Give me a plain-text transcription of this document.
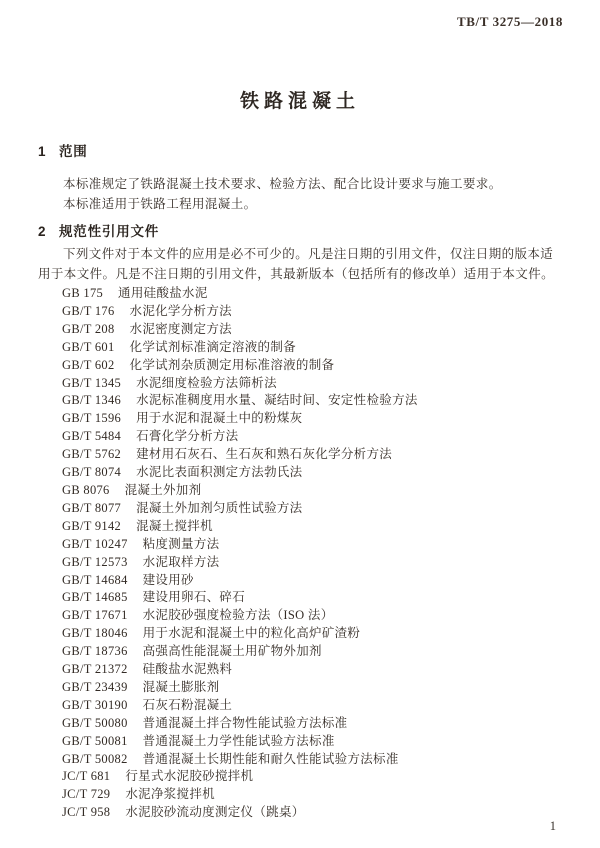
TB/T 3275—2018
铁路混凝土
1 范围

本标准规定了铁路混凝土技术要求、检验方法、配合比设计要求与施工要求。

本标准适用于铁路工程用混凝土。

2 规范性引用文件

下列文件对于本文件的应用是必不可少的。凡是注日期的引用文件，仅注日期的版本适用于本文件。凡是不注日期的引用文件，其最新版本（包括所有的修改单）适用于本文件。

GB 175 通用硅酸盐水泥
GB/T 176 水泥化学分析方法
GB/T 208 水泥密度测定方法
GB/T 601 化学试剂标准滴定溶液的制备
GB/T 602 化学试剂杂质测定用标准溶液的制备
GB/T 1345 水泥细度检验方法筛析法
GB/T 1346 水泥标准稠度用水量、凝结时间、安定性检验方法
GB/T 1596 用于水泥和混凝土中的粉煤灰
GB/T 5484 石膏化学分析方法
GB/T 5762 建材用石灰石、生石灰和熟石灰化学分析方法
GB/T 8074 水泥比表面积测定方法勃氏法
GB 8076 混凝土外加剂
GB/T 8077 混凝土外加剂匀质性试验方法
GB/T 9142 混凝土搅拌机
GB/T 10247 粘度测量方法
GB/T 12573 水泥取样方法
GB/T 14684 建设用砂
GB/T 14685 建设用卵石、碎石
GB/T 17671 水泥胶砂强度检验方法（ISO 法）
GB/T 18046 用于水泥和混凝土中的粒化高炉矿渣粉
GB/T 18736 高强高性能混凝土用矿物外加剂
GB/T 21372 硅酸盐水泥熟料
GB/T 23439 混凝土膨胀剂
GB/T 30190 石灰石粉混凝土
GB/T 50080 普通混凝土拌合物性能试验方法标准
GB/T 50081 普通混凝土力学性能试验方法标准
GB/T 50082 普通混凝土长期性能和耐久性能试验方法标准
JC/T 681 行星式水泥胶砂搅拌机
JC/T 729 水泥净浆搅拌机
JC/T 958 水泥胶砂流动度测定仪（跳桌）
1
